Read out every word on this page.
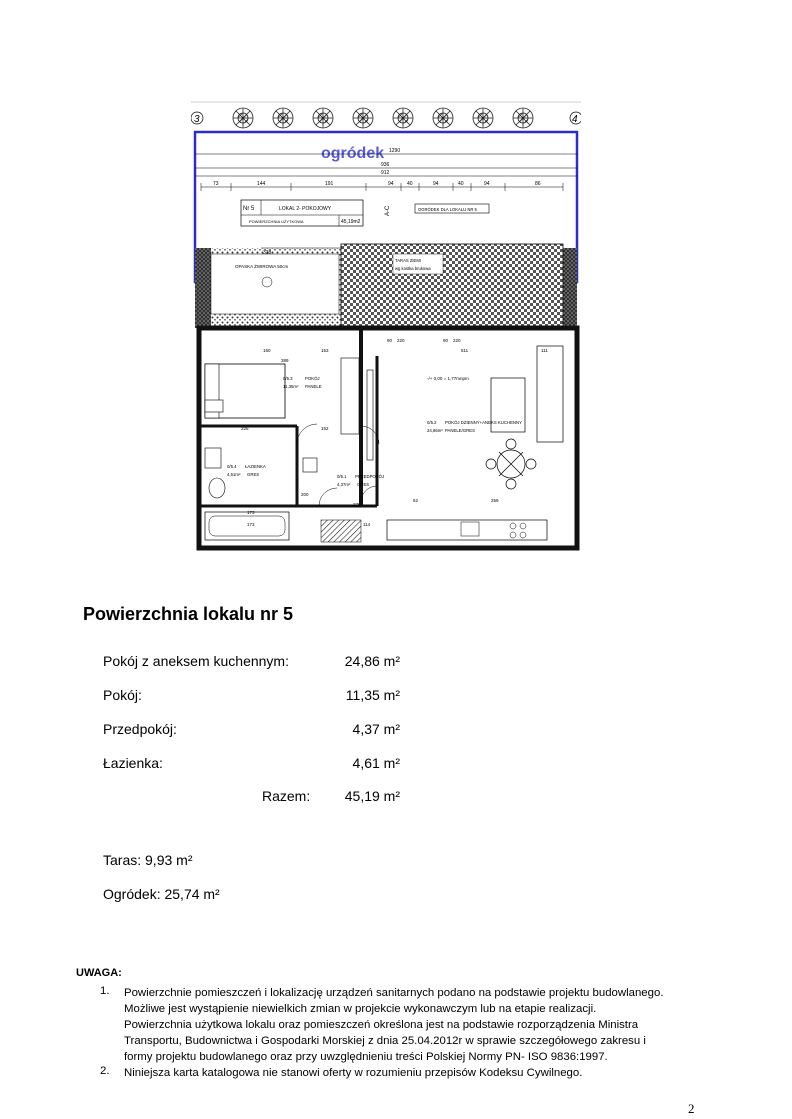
3	4
ogródek 1290
936
912
73	144	191	94	40	94	40	94	86
Nr 5	LOKAL 2- POKOJOWY
POWIERZCHNIA UŻYTKOWA	45,19m2
A-C	OGRÓDEK DLA LOKALU NR 5
328
OPASKA ŻWIROWA 50cm
TARAS ZIEMI
wg kostka brukowa
0/5.3	POKÓJ
11,35m² PANELE
0/5.2 POKÓJ DZIENNY+ANEKS KUCHENNY
24,86m² PANELE/GRES
0/5.4 ŁAZIENKA
4,61m² GRES	0/5.1 PRZEDPOKÓJ
4,37m² GRES
-/+ 0,00 = 1,77mnpm
150
389
153	511	111
225	152
173
200
276
52	259
173	114
220	220
90	90
Powierzchnia lokalu nr 5
Pokój z aneksem kuchennym:	24,86 m²
Pokój:	11,35 m²
Przedpokój:	4,37 m²
Łazienka:	4,61 m²
Razem: 45,19 m²
Taras: 9,93 m²
Ogródek: 25,74 m²
UWAGA:
1. Powierzchnie pomieszczeń i lokalizację urządzeń sanitarnych podano na podstawie projektu budowlanego.
Możliwe jest wystąpienie niewielkich zmian w projekcie wykonawczym lub na etapie realizacji.
Powierzchnia użytkowa lokalu oraz pomieszczeń określona jest na podstawie rozporządzenia Ministra
Transportu, Budownictwa i Gospodarki Morskiej z dnia 25.04.2012r w sprawie szczegółowego zakresu i
formy projektu budowlanego oraz przy uwzględnieniu treści Polskiej Normy PN- ISO 9836:1997.
2. Niniejsza karta katalogowa nie stanowi oferty w rozumieniu przepisów Kodeksu Cywilnego.
2
